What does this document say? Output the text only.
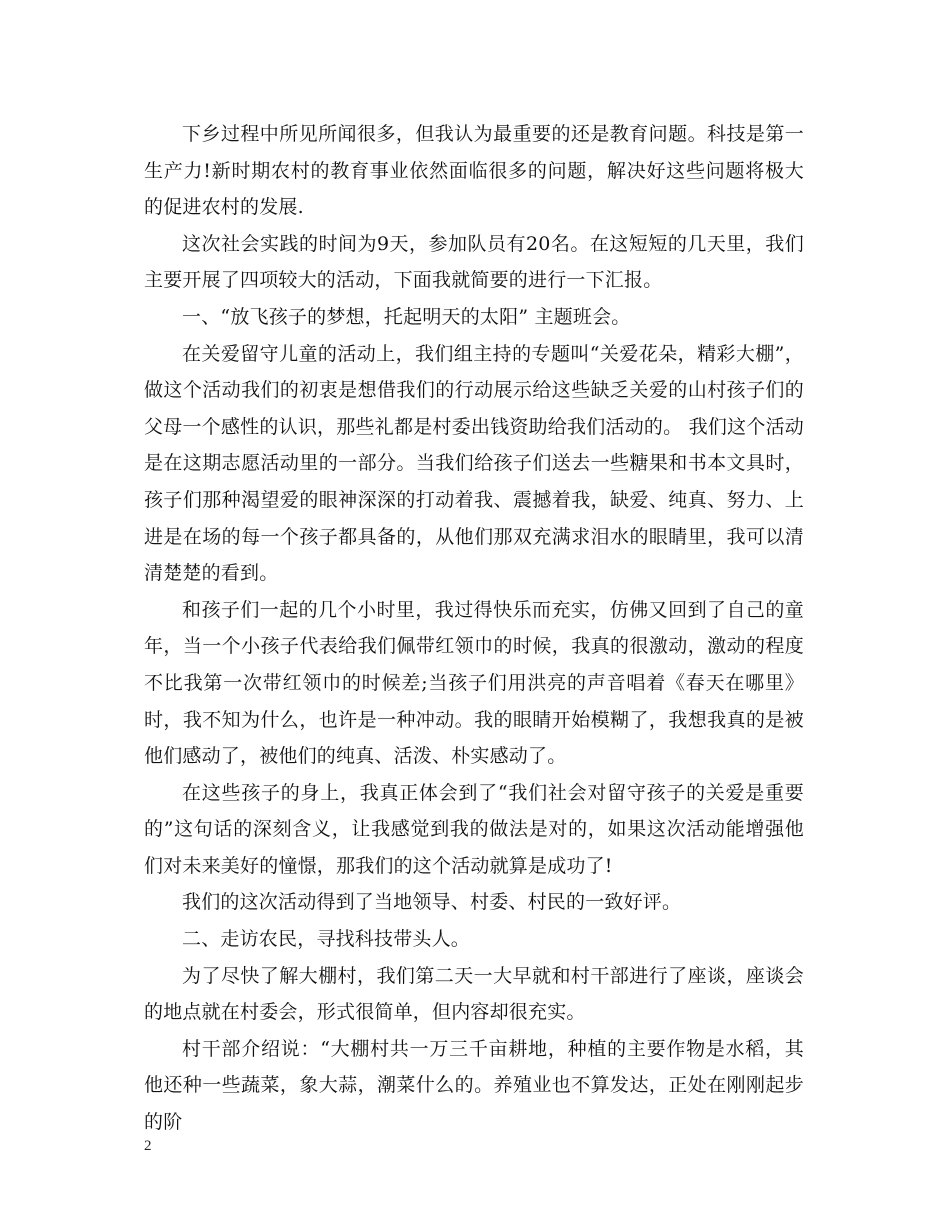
下乡过程中所见所闻很多，但我认为最重要的还是教育问题。科技是第一生产力!新时期农村的教育事业依然面临很多的问题，解决好这些问题将极大的促进农村的发展.

这次社会实践的时间为9天，参加队员有20名。在这短短的几天里，我们主要开展了四项较大的活动，下面我就简要的进行一下汇报。

一、“放飞孩子的梦想，托起明天的太阳” 主题班会。

在关爱留守儿童的活动上，我们组主持的专题叫“关爱花朵，精彩大棚”，做这个活动我们的初衷是想借我们的行动展示给这些缺乏关爱的山村孩子们的父母一个感性的认识，那些礼都是村委出钱资助给我们活动的。 我们这个活动是在这期志愿活动里的一部分。当我们给孩子们送去一些糖果和书本文具时，孩子们那种渴望爱的眼神深深的打动着我、震撼着我，缺爱、纯真、努力、上进是在场的每一个孩子都具备的，从他们那双充满求泪水的眼睛里，我可以清清楚楚的看到。

和孩子们一起的几个小时里，我过得快乐而充实，仿佛又回到了自己的童年，当一个小孩子代表给我们佩带红领巾的时候，我真的很激动，激动的程度不比我第一次带红领巾的时候差;当孩子们用洪亮的声音唱着《春天在哪里》时，我不知为什么，也许是一种冲动。我的眼睛开始模糊了，我想我真的是被他们感动了，被他们的纯真、活泼、朴实感动了。

在这些孩子的身上，我真正体会到了“我们社会对留守孩子的关爱是重要的”这句话的深刻含义，让我感觉到我的做法是对的，如果这次活动能增强他们对未来美好的憧憬，那我们的这个活动就算是成功了!

我们的这次活动得到了当地领导、村委、村民的一致好评。

二、走访农民，寻找科技带头人。

为了尽快了解大棚村，我们第二天一大早就和村干部进行了座谈，座谈会的地点就在村委会，形式很简单，但内容却很充实。

村干部介绍说：“大棚村共一万三千亩耕地，种植的主要作物是水稻，其他还种一些蔬菜，象大蒜，潮菜什么的。养殖业也不算发达，正处在刚刚起步的阶

2
